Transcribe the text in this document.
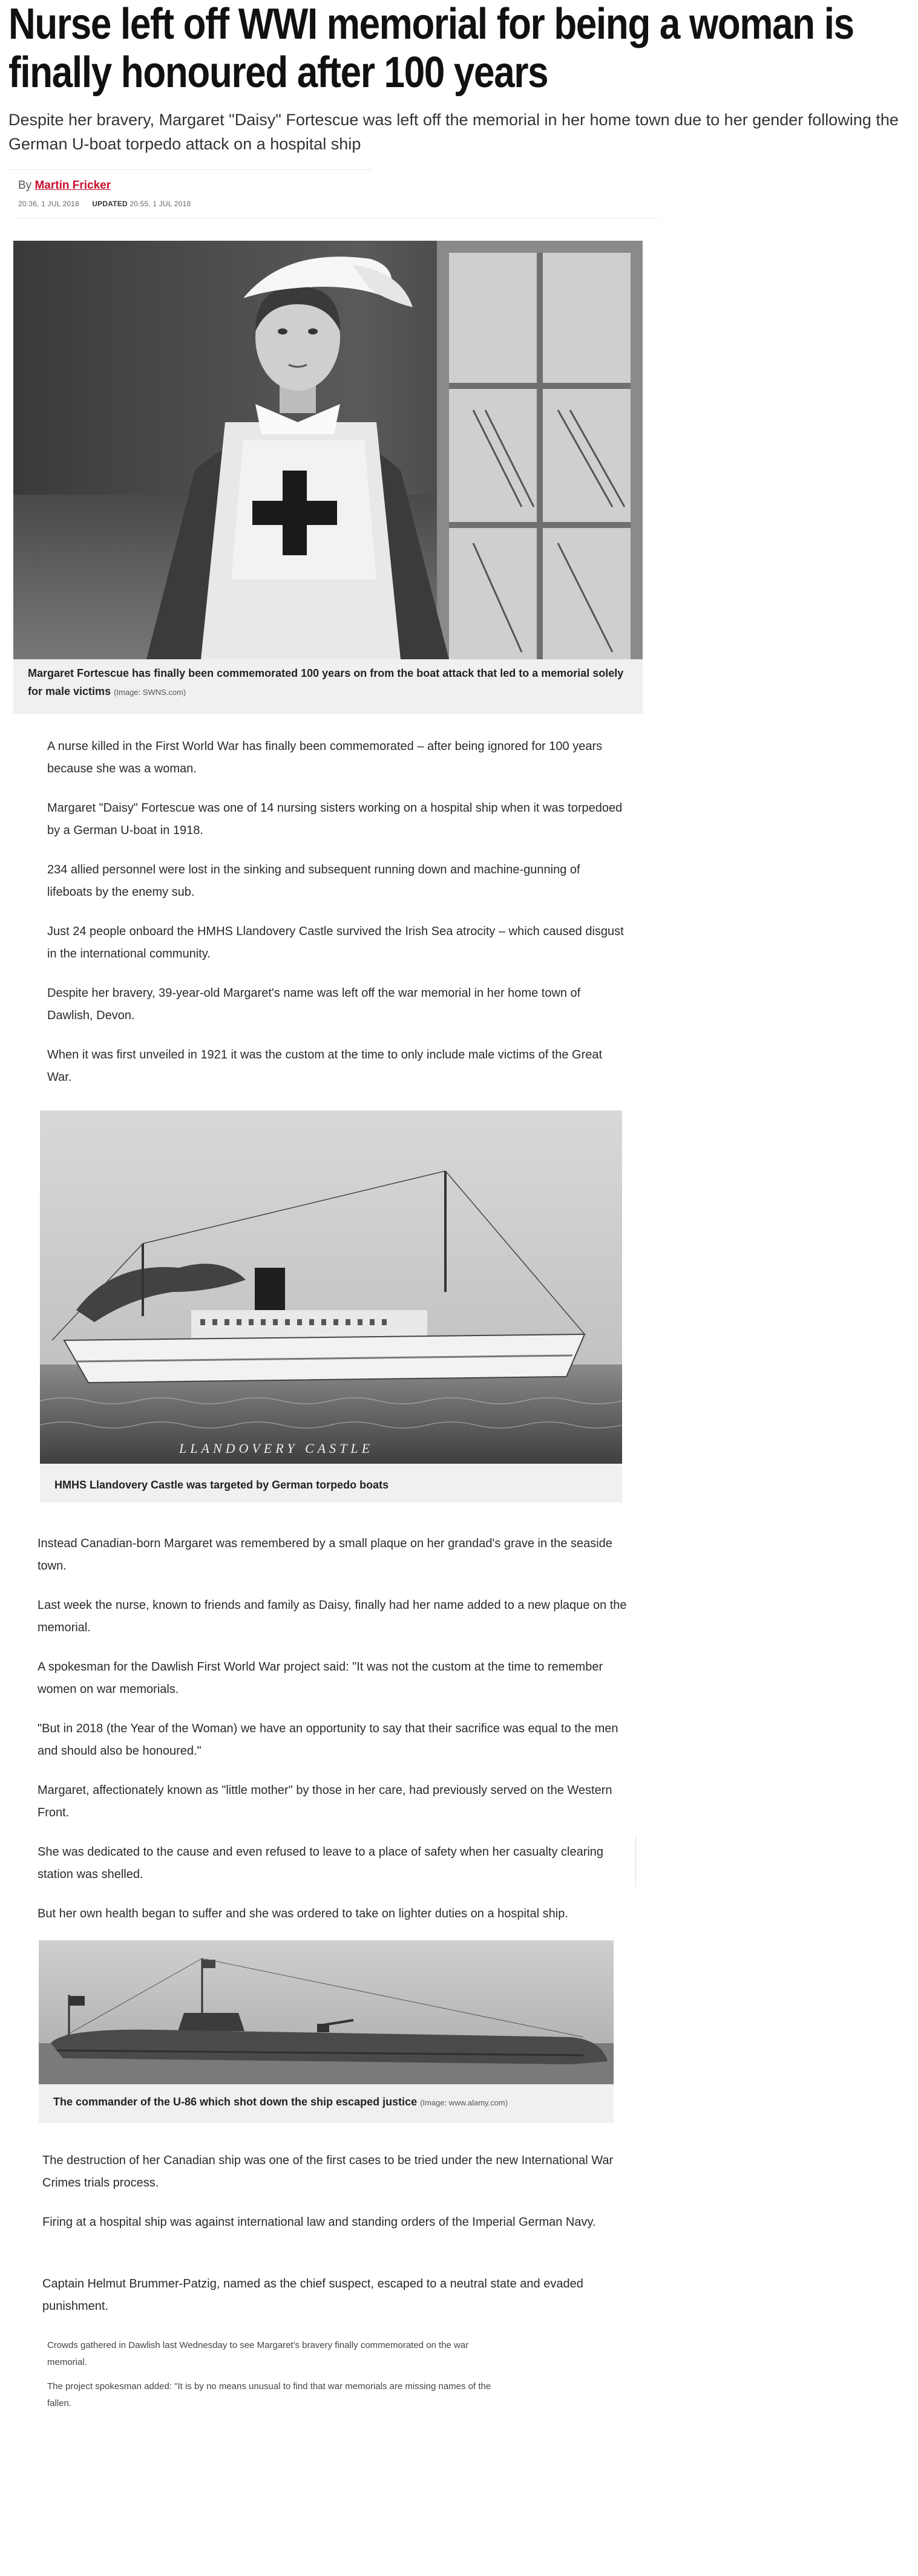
Nurse left off WWI memorial for being a woman is finally honoured after 100 years

Despite her bravery, Margaret "Daisy" Fortescue was left off the memorial in her home town due to her gender following the German U-boat torpedo attack on a hospital ship

By Martin Fricker
20:36, 1 JUL 2018 UPDATED 20:55, 1 JUL 2018
Margaret Fortescue has finally been commemorated 100 years on from the boat attack that led to a memorial solely for male victims (Image: SWNS.com)

A nurse killed in the First World War has finally been commemorated – after being ignored for 100 years because she was a woman.

Margaret "Daisy" Fortescue was one of 14 nursing sisters working on a hospital ship when it was torpedoed by a German U-boat in 1918.

234 allied personnel were lost in the sinking and subsequent running down and machine-gunning of lifeboats by the enemy sub.

Just 24 people onboard the HMHS Llandovery Castle survived the Irish Sea atrocity – which caused disgust in the international community.

Despite her bravery, 39-year-old Margaret's name was left off the war memorial in her home town of Dawlish, Devon.

When it was first unveiled in 1921 it was the custom at the time to only include male victims of the Great War.

LLANDOVERY CASTLE
HMHS Llandovery Castle was targeted by German torpedo boats

Instead Canadian-born Margaret was remembered by a small plaque on her grandad's grave in the seaside town.

Last week the nurse, known to friends and family as Daisy, finally had her name added to a new plaque on the memorial.

A spokesman for the Dawlish First World War project said: "It was not the custom at the time to remember women on war memorials.

"But in 2018 (the Year of the Woman) we have an opportunity to say that their sacrifice was equal to the men and should also be honoured."

Margaret, affectionately known as "little mother" by those in her care, had previously served on the Western Front.

She was dedicated to the cause and even refused to leave to a place of safety when her casualty clearing station was shelled.

But her own health began to suffer and she was ordered to take on lighter duties on a hospital ship.

The commander of the U-86 which shot down the ship escaped justice (Image: www.alamy.com)

The destruction of her Canadian ship was one of the first cases to be tried under the new International War Crimes trials process.

Firing at a hospital ship was against international law and standing orders of the Imperial German Navy.

Captain Helmut Brummer-Patzig, named as the chief suspect, escaped to a neutral state and evaded punishment.

Crowds gathered in Dawlish last Wednesday to see Margaret's bravery finally commemorated on the war memorial.

The project spokesman added: "It is by no means unusual to find that war memorials are missing names of the fallen.
